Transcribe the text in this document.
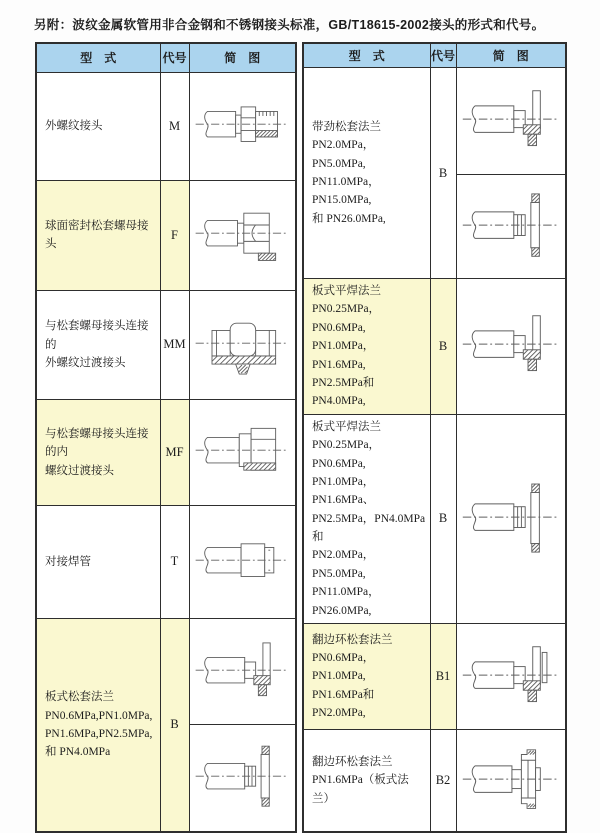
另附：波纹金属软管用非合金钢和不锈钢接头标准，GB/T18615-2002接头的形式和代号。
型　式	代号	简　图

外螺纹接头	M	

球面密封松套螺母接头	F	

与松套螺母接头连接的
外螺纹过渡接头	MM	

与松套螺母接头连接的内
螺纹过渡接头	MF	

对接焊管	T	

板式松套法兰
PN0.6MPa,PN1.0MPa,
PN1.6MPa,PN2.5MPa,
和 PN4.0MPa	B	

型　式	代号	简　图

带劲松套法兰
PN2.0MPa，PN5.0MPa,
PN11.0MPa，PN15.0MPa,
和 PN26.0MPa,	B	

板式平焊法兰
PN0.25MPa，PN0.6MPa,
PN1.0MPa，PN1.6MPa,
PN2.5MPa和PN4.0MPa,	B	

板式平焊法兰
PN0.25MPa，PN0.6MPa,
PN1.0MPa，PN1.6MPa、
PN2.5MPa，PN4.0MPa和
PN2.0MPa，PN5.0MPa,
PN11.0MPa，PN26.0MPa,
	B	

翻边环松套法兰
PN0.6MPa，PN1.0MPa,
PN1.6MPa和PN2.0MPa,	B1	

翻边环松套法兰
PN1.6MPa（板式法兰）	B2	
